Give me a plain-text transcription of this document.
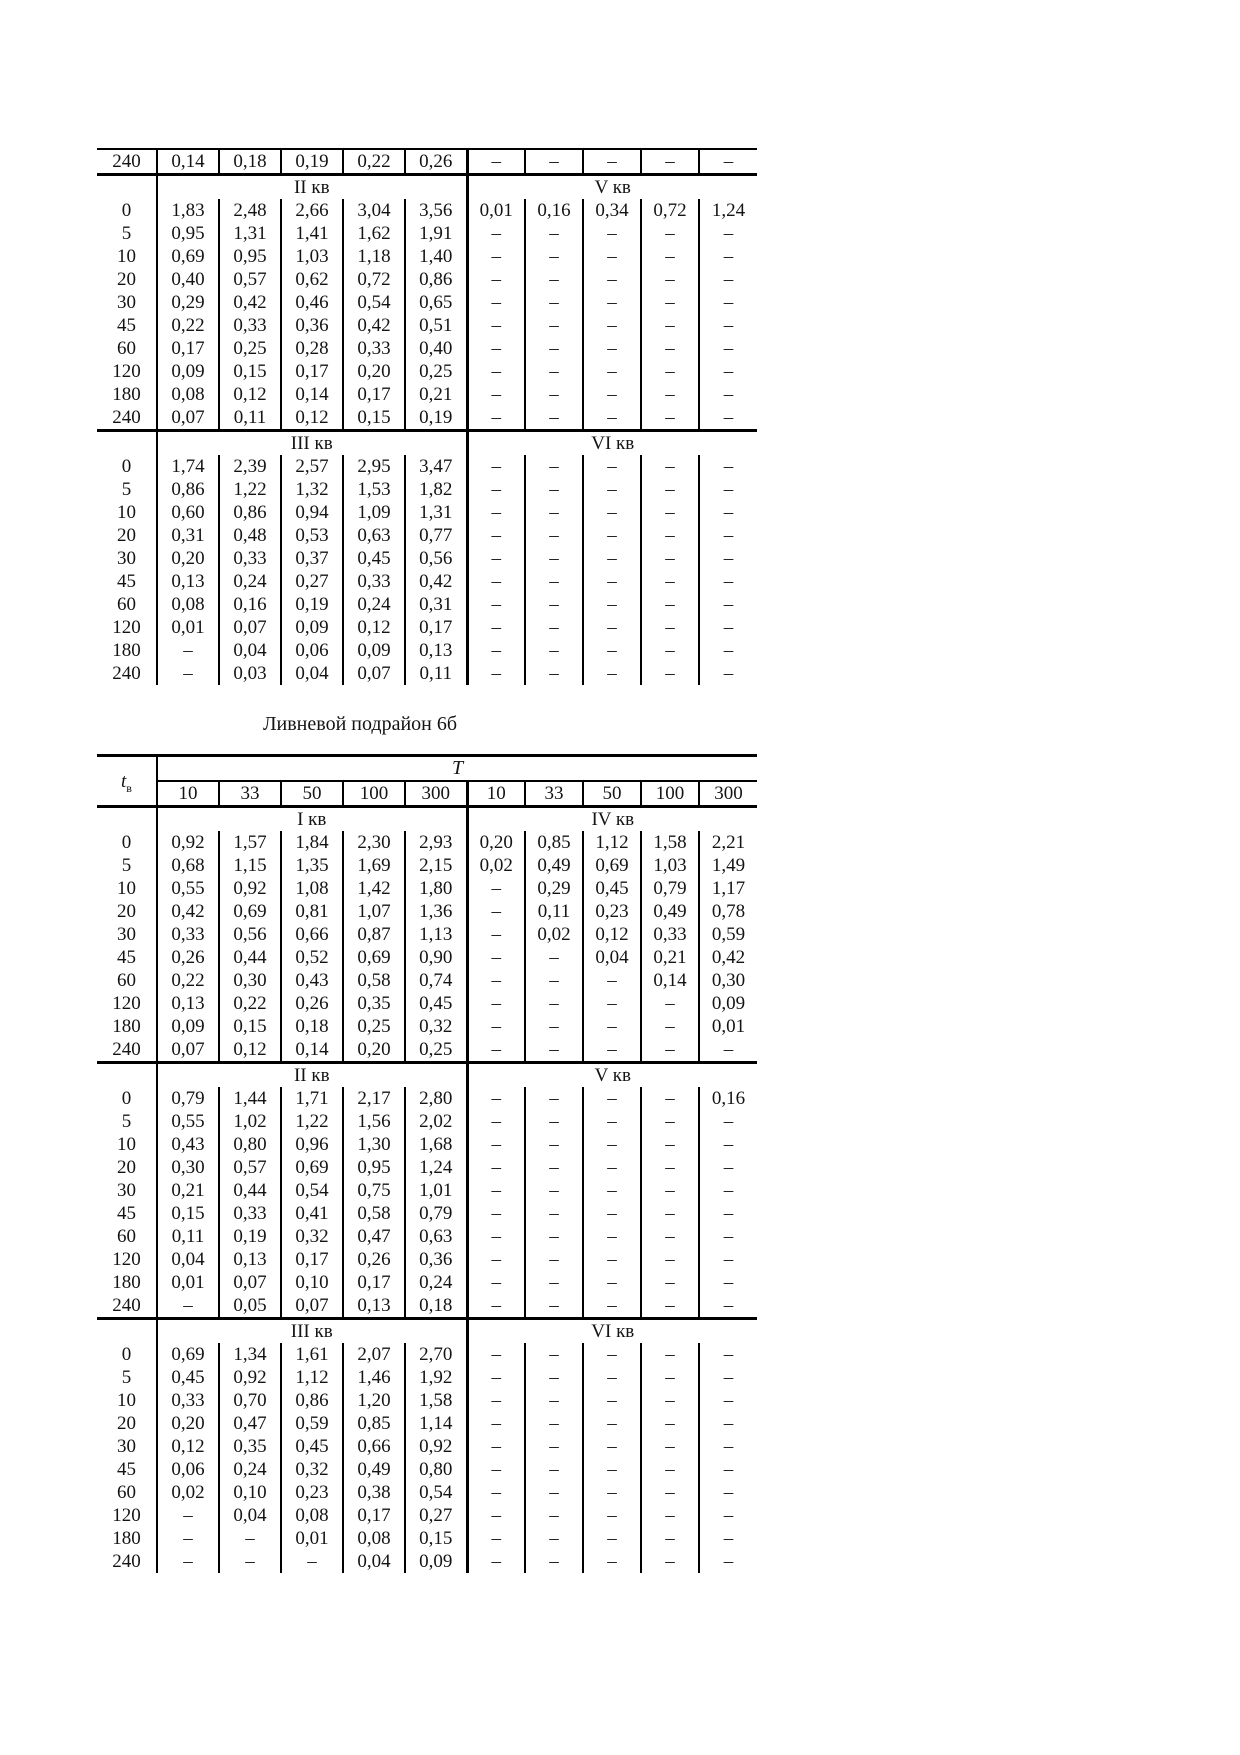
240	0,14	0,18	0,19	0,22	0,26	–	–	–	–	–
	II кв					V кв				
0	1,83	2,48	2,66	3,04	3,56	0,01	0,16	0,34	0,72	1,24
5	0,95	1,31	1,41	1,62	1,91	–	–	–	–	–
10	0,69	0,95	1,03	1,18	1,40	–	–	–	–	–
20	0,40	0,57	0,62	0,72	0,86	–	–	–	–	–
30	0,29	0,42	0,46	0,54	0,65	–	–	–	–	–
45	0,22	0,33	0,36	0,42	0,51	–	–	–	–	–
60	0,17	0,25	0,28	0,33	0,40	–	–	–	–	–
120	0,09	0,15	0,17	0,20	0,25	–	–	–	–	–
180	0,08	0,12	0,14	0,17	0,21	–	–	–	–	–
240	0,07	0,11	0,12	0,15	0,19	–	–	–	–	–
	III кв					VI кв				
0	1,74	2,39	2,57	2,95	3,47	–	–	–	–	–
5	0,86	1,22	1,32	1,53	1,82	–	–	–	–	–
10	0,60	0,86	0,94	1,09	1,31	–	–	–	–	–
20	0,31	0,48	0,53	0,63	0,77	–	–	–	–	–
30	0,20	0,33	0,37	0,45	0,56	–	–	–	–	–
45	0,13	0,24	0,27	0,33	0,42	–	–	–	–	–
60	0,08	0,16	0,19	0,24	0,31	–	–	–	–	–
120	0,01	0,07	0,09	0,12	0,17	–	–	–	–	–
180	–	0,04	0,06	0,09	0,13	–	–	–	–	–
240	–	0,03	0,04	0,07	0,11	–	–	–	–	–
Ливневой подрайон 6б
$t_в$	T									
	10	33	50	100	300	10	33	50	100	300
	I кв					IV кв				
0	0,92	1,57	1,84	2,30	2,93	0,20	0,85	1,12	1,58	2,21
5	0,68	1,15	1,35	1,69	2,15	0,02	0,49	0,69	1,03	1,49
10	0,55	0,92	1,08	1,42	1,80	–	0,29	0,45	0,79	1,17
20	0,42	0,69	0,81	1,07	1,36	–	0,11	0,23	0,49	0,78
30	0,33	0,56	0,66	0,87	1,13	–	0,02	0,12	0,33	0,59
45	0,26	0,44	0,52	0,69	0,90	–	–	0,04	0,21	0,42
60	0,22	0,30	0,43	0,58	0,74	–	–	–	0,14	0,30
120	0,13	0,22	0,26	0,35	0,45	–	–	–	–	0,09
180	0,09	0,15	0,18	0,25	0,32	–	–	–	–	0,01
240	0,07	0,12	0,14	0,20	0,25	–	–	–	–	–
	II кв					V кв				
0	0,79	1,44	1,71	2,17	2,80	–	–	–	–	0,16
5	0,55	1,02	1,22	1,56	2,02	–	–	–	–	–
10	0,43	0,80	0,96	1,30	1,68	–	–	–	–	–
20	0,30	0,57	0,69	0,95	1,24	–	–	–	–	–
30	0,21	0,44	0,54	0,75	1,01	–	–	–	–	–
45	0,15	0,33	0,41	0,58	0,79	–	–	–	–	–
60	0,11	0,19	0,32	0,47	0,63	–	–	–	–	–
120	0,04	0,13	0,17	0,26	0,36	–	–	–	–	–
180	0,01	0,07	0,10	0,17	0,24	–	–	–	–	–
240	–	0,05	0,07	0,13	0,18	–	–	–	–	–
	III кв					VI кв				
0	0,69	1,34	1,61	2,07	2,70	–	–	–	–	–
5	0,45	0,92	1,12	1,46	1,92	–	–	–	–	–
10	0,33	0,70	0,86	1,20	1,58	–	–	–	–	–
20	0,20	0,47	0,59	0,85	1,14	–	–	–	–	–
30	0,12	0,35	0,45	0,66	0,92	–	–	–	–	–
45	0,06	0,24	0,32	0,49	0,80	–	–	–	–	–
60	0,02	0,10	0,23	0,38	0,54	–	–	–	–	–
120	–	0,04	0,08	0,17	0,27	–	–	–	–	–
180	–	–	0,01	0,08	0,15	–	–	–	–	–
240	–	–	–	0,04	0,09	–	–	–	–	–
